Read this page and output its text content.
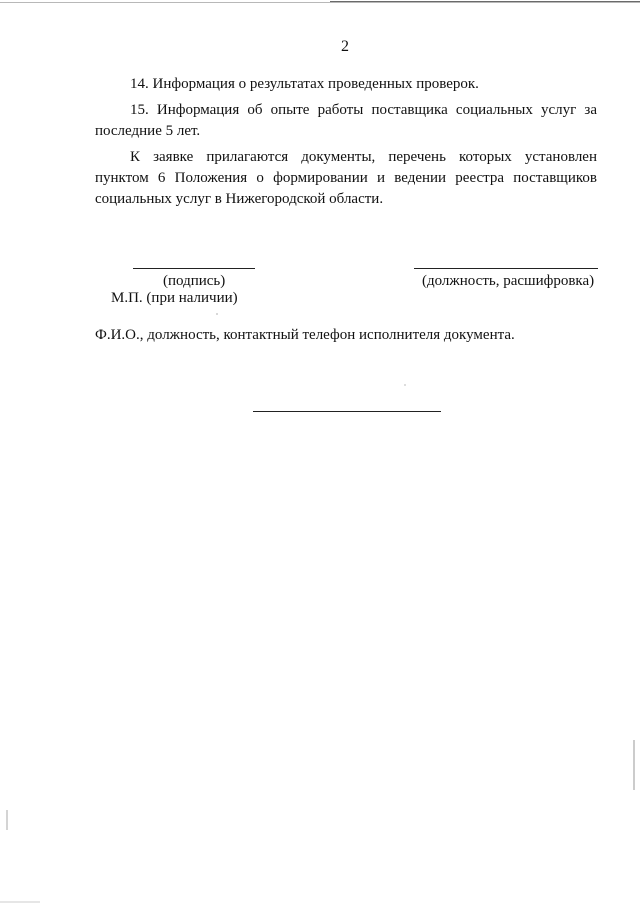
2
14. Информация о результатах проведенных проверок.
15. Информация об опыте работы поставщика социальных услуг за последние 5 лет.
К заявке прилагаются документы, перечень которых установлен пунктом 6 Положения о формировании и ведении реестра поставщиков социальных услуг в Нижегородской области.
(подпись)	(должность, расшифровка)
М.П. (при наличии)
Ф.И.О., должность, контактный телефон исполнителя документа.
